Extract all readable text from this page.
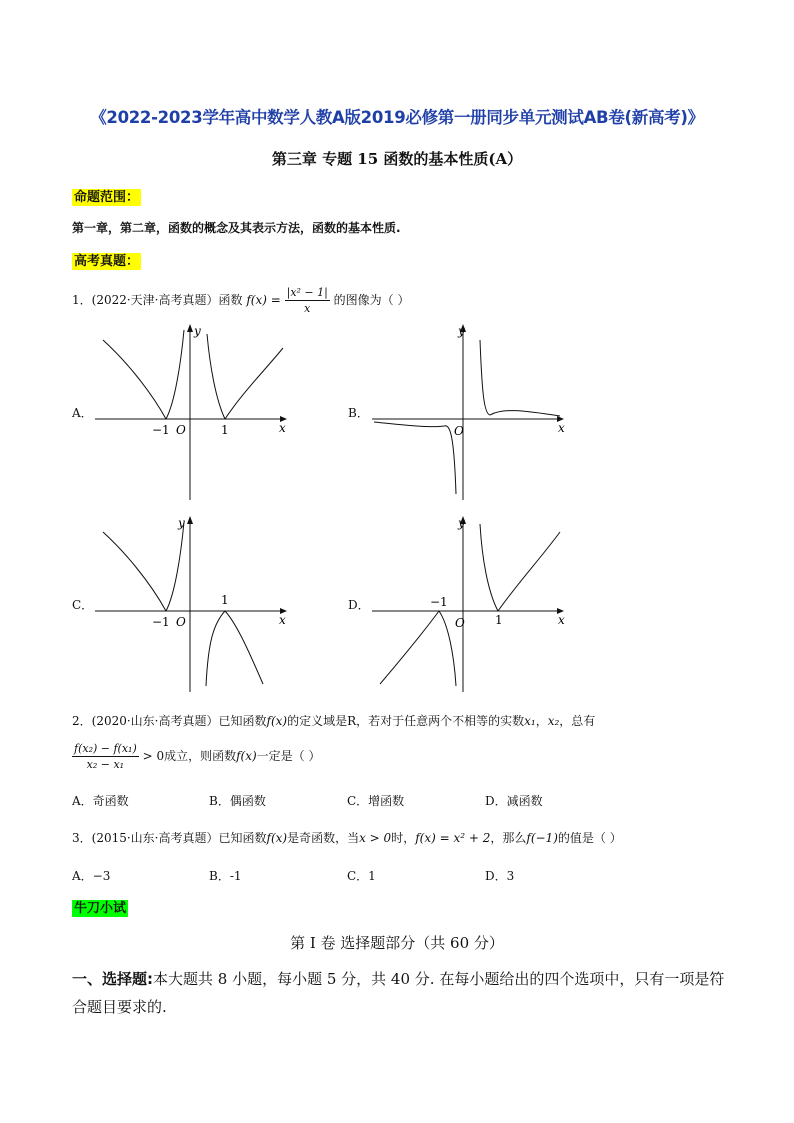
《2022-2023学年高中数学人教A版2019必修第一册同步单元测试AB卷(新高考)》
第三章 专题 15 函数的基本性质(A）
命题范围：
第一章，第二章，函数的概念及其表示方法，函数的基本性质.
高考真题：
1．(2022·天津·高考真题）函数 $f(x) = \frac{\text{|x² − 1|}}{x}$ 的图像为（ ）
A．	B．
C．	D．
y
x
O
−1	1
y
x
O
y
x
O
−1
1
y
x
O
−1
1
2．(2020·山东·高考真题）已知函数f(x)的定义域是R，若对于任意两个不相等的实数x₁，x₂，总有
$\frac{\text{f(x₂) − f(x₁)}}{\text{x₂ − x₁}} > 0$成立，则函数f(x)一定是（ ）
A．奇函数	B．偶函数	C．增函数	D．减函数
3．(2015·山东·高考真题）已知函数f(x)是奇函数，当x > 0时，f(x) = x² + 2，那么f(−1)的值是（ ）
A．−3	B．-1	C．1	D．3
牛刀小试
第 I 卷 选择题部分（共 60 分）
一、选择题:本大题共 8 小题，每小题 5 分，共 40 分. 在每小题给出的四个选项中，只有一项是符合题目要求的.
